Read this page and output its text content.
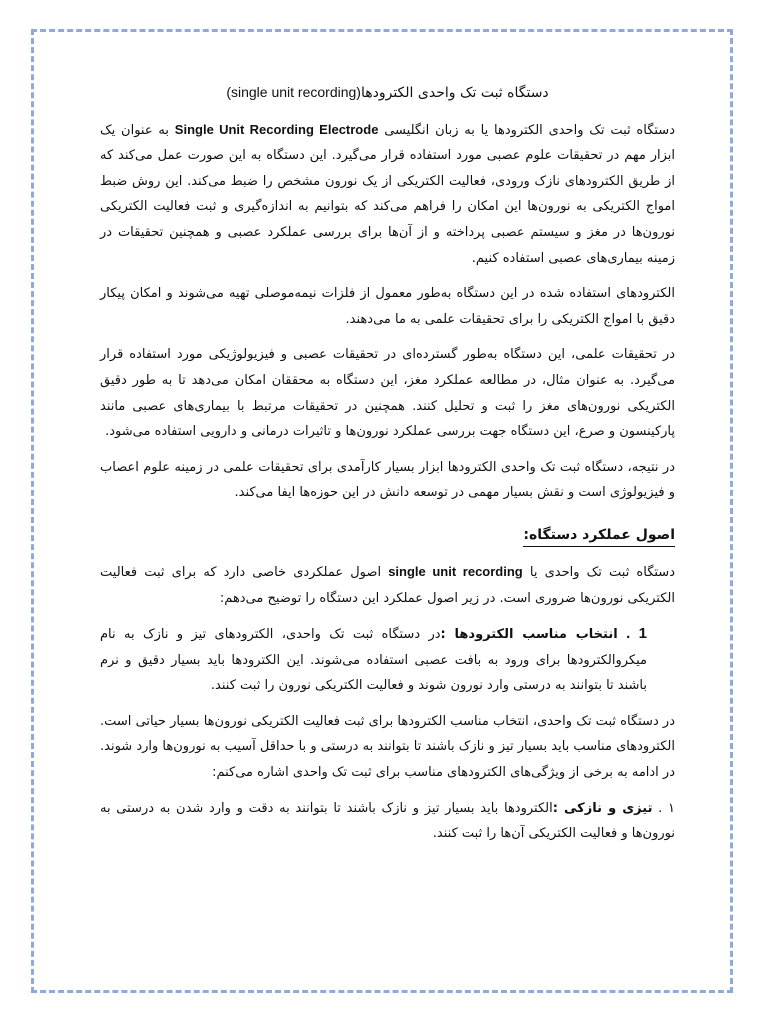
دستگاه ثبت تک واحدی الکترودها(single unit recording)

دستگاه ثبت تک واحدی الکترودها یا به زبان انگلیسی Single Unit Recording Electrode به عنوان یک ابزار مهم در تحقیقات علوم عصبی مورد استفاده قرار می‌گیرد. این دستگاه به این صورت عمل می‌کند که از طریق الکترودهای نازک ورودی، فعالیت الکتریکی از یک نورون مشخص را ضبط می‌کند. این روش ضبط امواج الکتریکی به نورون‌ها این امکان را فراهم می‌کند که بتوانیم به اندازه‌گیری و ثبت فعالیت الکتریکی نورون‌ها در مغز و سیستم عصبی پرداخته و از آن‌ها برای بررسی عملکرد عصبی و همچنین تحقیقات در زمینه بیماری‌های عصبی استفاده کنیم.

الکترودهای استفاده شده در این دستگاه به‌طور معمول از فلزات نیمه‌موصلی تهیه می‌شوند و امکان پیکار دقیق با امواج الکتریکی را برای تحقیقات علمی به ما می‌دهند.

در تحقیقات علمی، این دستگاه به‌طور گسترده‌ای در تحقیقات عصبی و فیزیولوژیکی مورد استفاده قرار می‌گیرد. به عنوان مثال، در مطالعه عملکرد مغز، این دستگاه به محققان امکان می‌دهد تا به طور دقیق الکتریکی نورون‌های مغز را ثبت و تحلیل کنند. همچنین در تحقیقات مرتبط با بیماری‌های عصبی مانند پارکینسون و صرع، این دستگاه جهت بررسی عملکرد نورون‌ها و تاثیرات درمانی و دارویی استفاده می‌شود.

در نتیجه، دستگاه ثبت تک واحدی الکترودها ابزار بسیار کارآمدی برای تحقیقات علمی در زمینه علوم اعصاب و فیزیولوژی است و نقش بسیار مهمی در توسعه دانش در این حوزه‌ها ایفا می‌کند.

اصول عملکرد دستگاه:

دستگاه ثبت تک واحدی یا single unit recording اصول عملکردی خاصی دارد که برای ثبت فعالیت الکتریکی نورون‌ها ضروری است. در زیر اصول عملکرد این دستگاه را توضیح می‌دهم:

1 . انتخاب مناسب الکترودها :در دستگاه ثبت تک واحدی، الکترودهای تیز و نازک به نام میکروالکترودها برای ورود به بافت عصبی استفاده می‌شوند. این الکترودها باید بسیار دقیق و نرم باشند تا بتوانند به درستی وارد نورون شوند و فعالیت الکتریکی نورون را ثبت کنند.

در دستگاه ثبت تک واحدی، انتخاب مناسب الکترودها برای ثبت فعالیت الکتریکی نورون‌ها بسیار حیاتی است. الکترودهای مناسب باید بسیار تیز و نازک باشند تا بتوانند به درستی و با حداقل آسیب به نورون‌ها وارد شوند. در ادامه به برخی از ویژگی‌های الکترودهای مناسب برای ثبت تک واحدی اشاره می‌کنم:

۱ . تیزی و نازکی :الکترودها باید بسیار تیز و نازک باشند تا بتوانند به دقت و وارد شدن به درستی به نورون‌ها و فعالیت الکتریکی آن‌ها را ثبت کنند.
